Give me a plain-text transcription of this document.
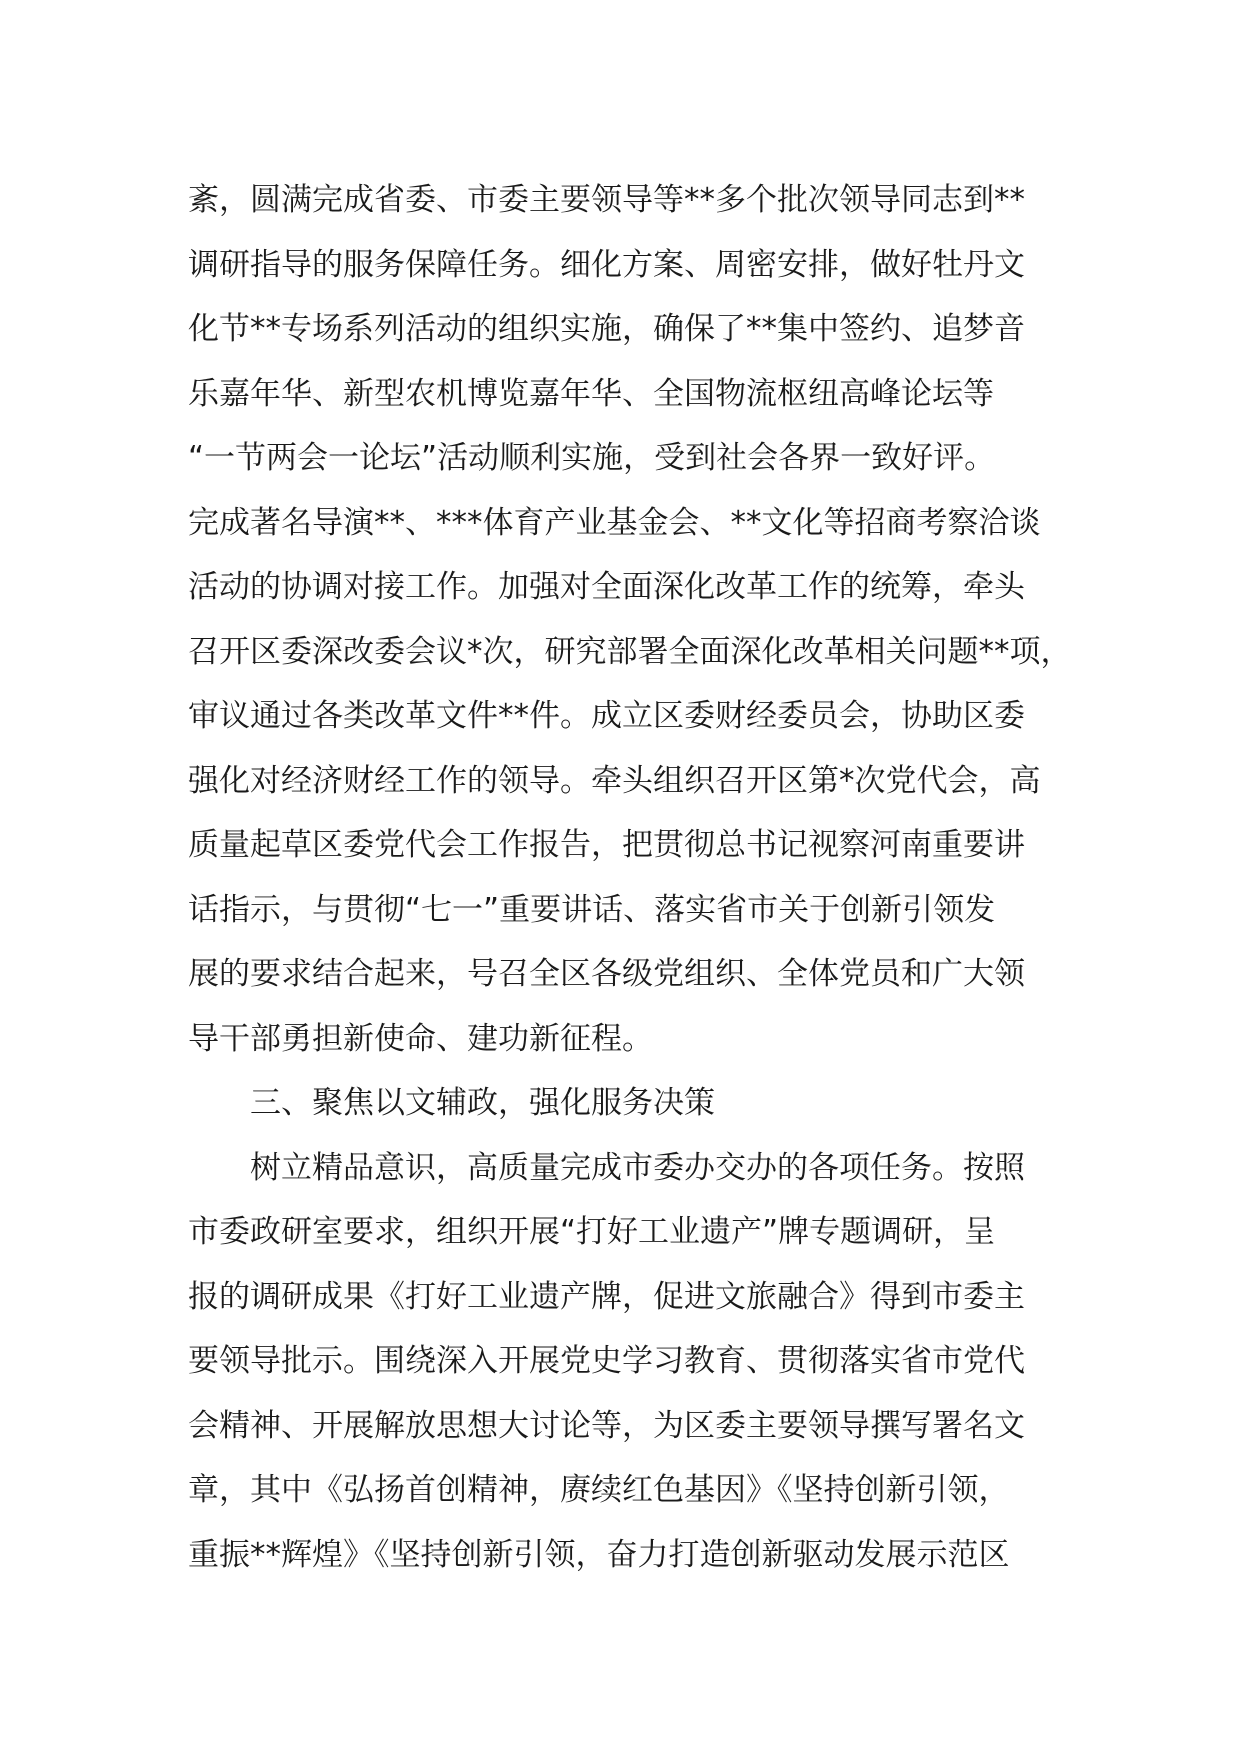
紊，圆满完成省委、市委主要领导等**多个批次领导同志到**
调研指导的服务保障任务。细化方案、周密安排，做好牡丹文
化节**专场系列活动的组织实施，确保了**集中签约、追梦音
乐嘉年华、新型农机博览嘉年华、全国物流枢纽高峰论坛等
“一节两会一论坛”活动顺利实施，受到社会各界一致好评。
完成著名导演**、***体育产业基金会、**文化等招商考察洽谈
活动的协调对接工作。加强对全面深化改革工作的统筹，牵头
召开区委深改委会议*次，研究部署全面深化改革相关问题**项，
审议通过各类改革文件**件。成立区委财经委员会，协助区委
强化对经济财经工作的领导。牵头组织召开区第*次党代会，高
质量起草区委党代会工作报告，把贯彻总书记视察河南重要讲
话指示，与贯彻“七一”重要讲话、落实省市关于创新引领发
展的要求结合起来，号召全区各级党组织、全体党员和广大领
导干部勇担新使命、建功新征程。
三、聚焦以文辅政，强化服务决策
树立精品意识，高质量完成市委办交办的各项任务。按照
市委政研室要求，组织开展“打好工业遗产”牌专题调研，呈
报的调研成果《打好工业遗产牌，促进文旅融合》得到市委主
要领导批示。围绕深入开展党史学习教育、贯彻落实省市党代
会精神、开展解放思想大讨论等，为区委主要领导撰写署名文
章，其中《弘扬首创精神，赓续红色基因》《坚持创新引领，
重振**辉煌》《坚持创新引领，奋力打造创新驱动发展示范区
